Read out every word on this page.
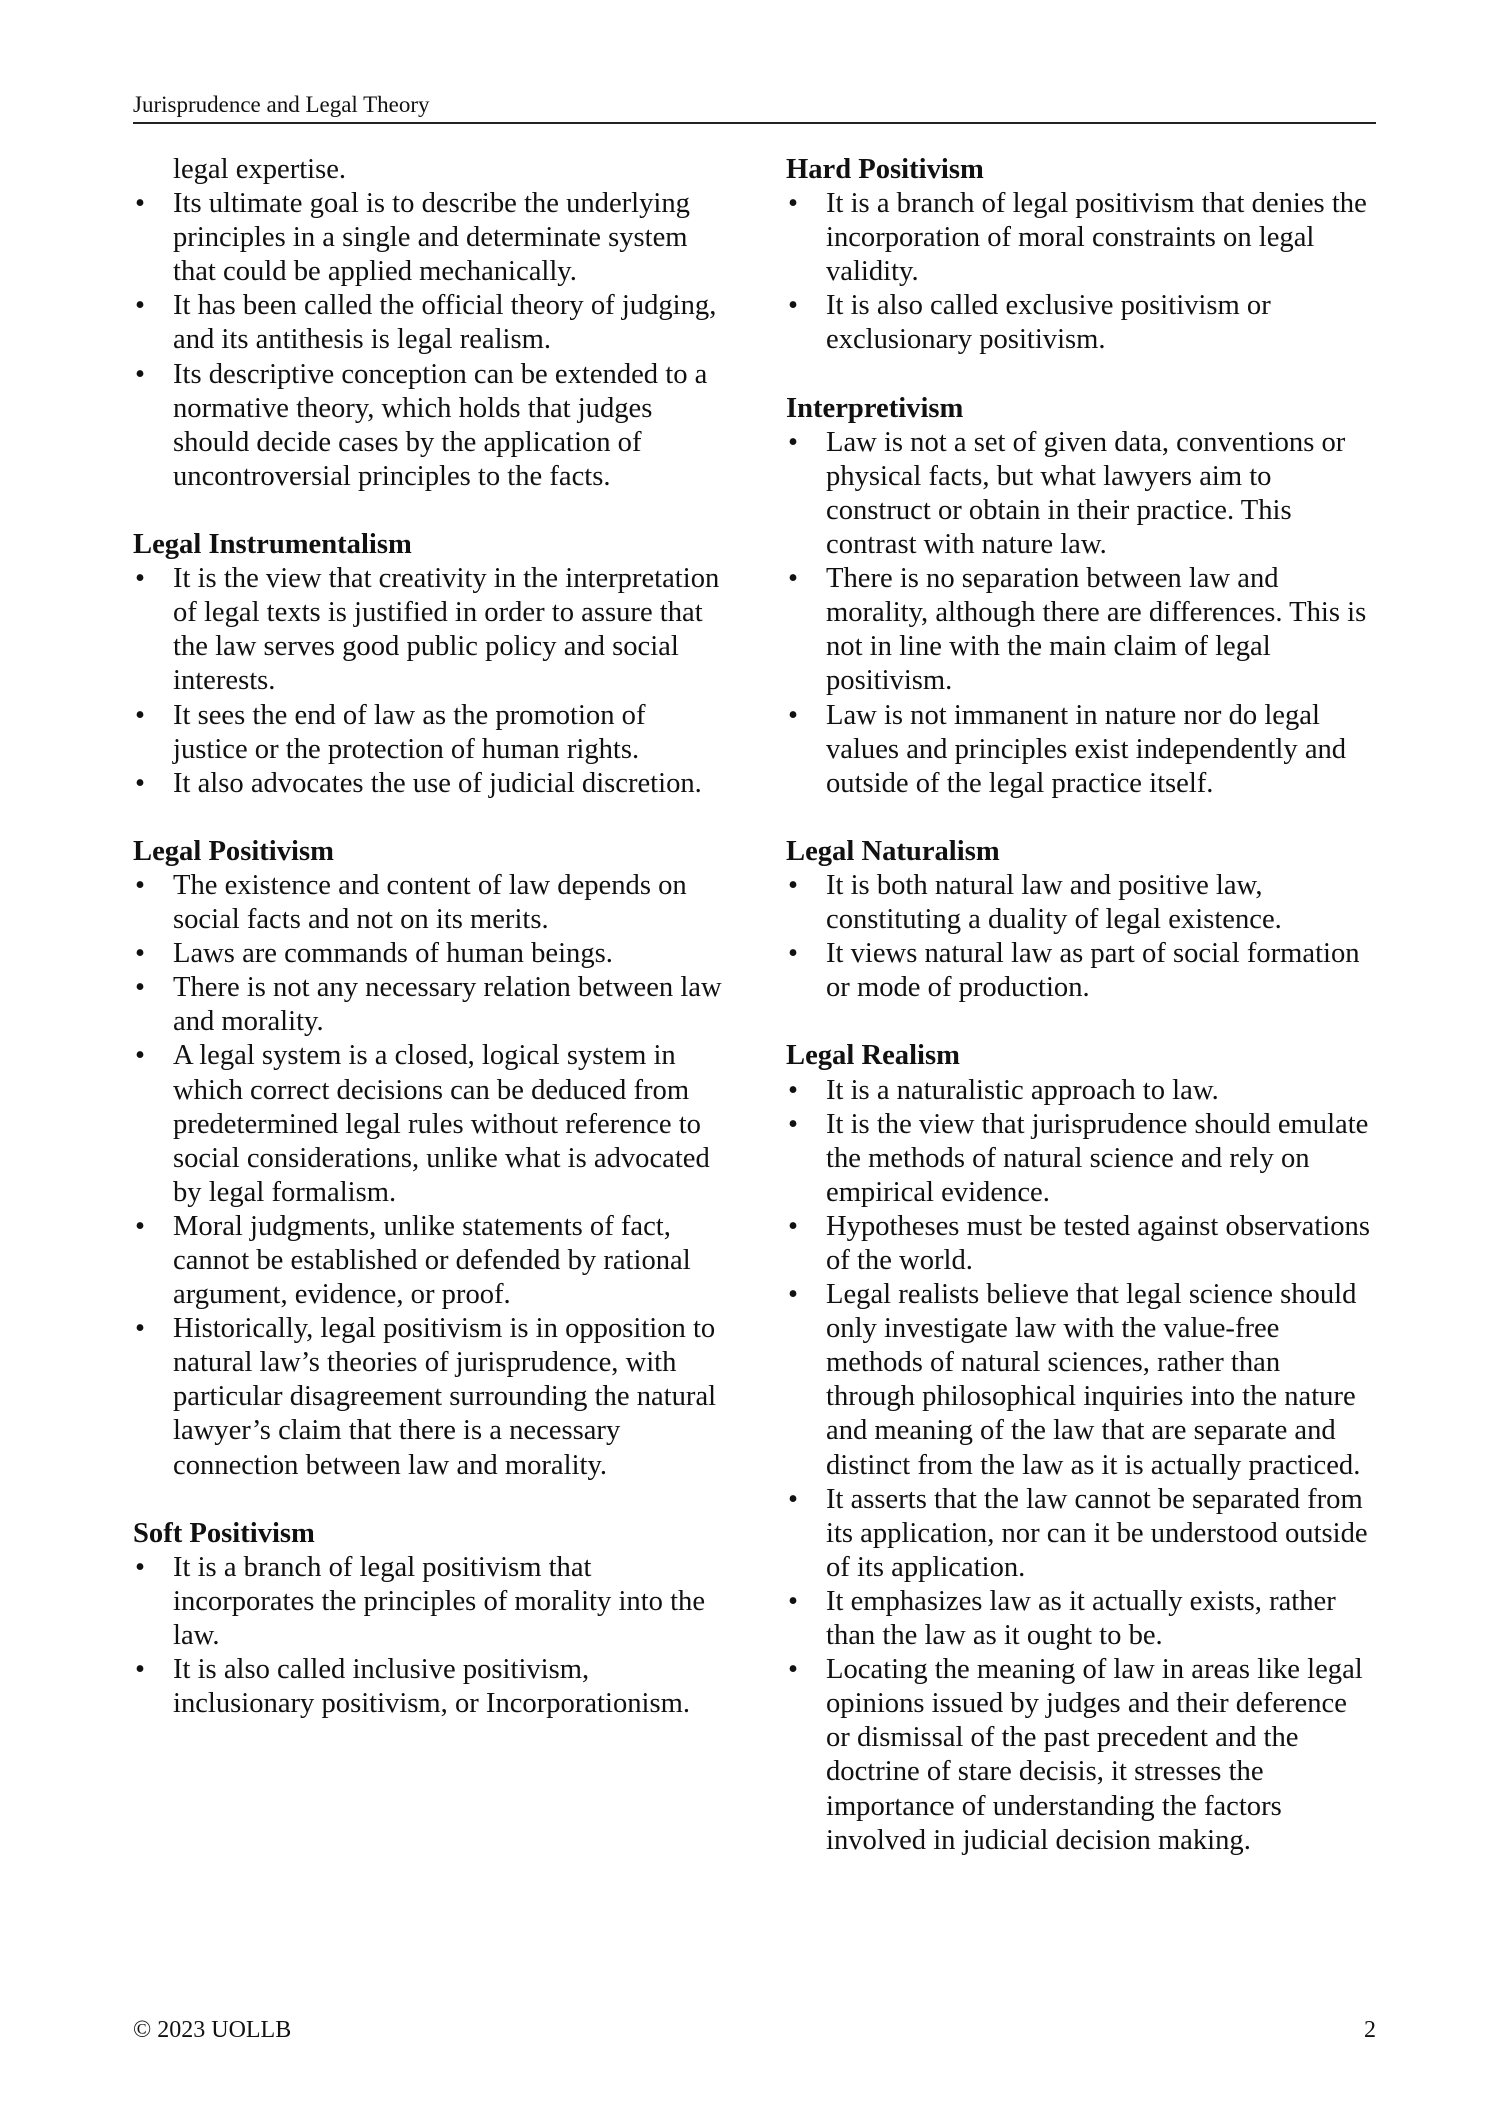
Jurisprudence and Legal Theory

legal expertise.

• Its ultimate goal is to describe the underlying principles in a single and determinate system that could be applied mechanically.
• It has been called the official theory of judging, and its antithesis is legal realism.
• Its descriptive conception can be extended to a normative theory, which holds that judges should decide cases by the application of uncontroversial principles to the facts.
Legal Instrumentalism
• It is the view that creativity in the interpretation of legal texts is justified in order to assure that the law serves good public policy and social interests.
• It sees the end of law as the promotion of justice or the protection of human rights.
• It also advocates the use of judicial discretion.
Legal Positivism
• The existence and content of law depends on social facts and not on its merits.
• Laws are commands of human beings.
• There is not any necessary relation between law and morality.
• A legal system is a closed, logical system in which correct decisions can be deduced from predetermined legal rules without reference to social considerations, unlike what is advocated by legal formalism.
• Moral judgments, unlike statements of fact, cannot be established or defended by rational argument, evidence, or proof.
• Historically, legal positivism is in opposition to natural law’s theories of jurisprudence, with particular disagreement surrounding the natural lawyer’s claim that there is a necessary connection between law and morality.
Soft Positivism
• It is a branch of legal positivism that incorporates the principles of morality into the law.
• It is also called inclusive positivism, inclusionary positivism, or Incorporationism.
Hard Positivism
• It is a branch of legal positivism that denies the incorporation of moral constraints on legal validity.
• It is also called exclusive positivism or exclusionary positivism.
Interpretivism
• Law is not a set of given data, conventions or physical facts, but what lawyers aim to construct or obtain in their practice. This contrast with nature law.
• There is no separation between law and morality, although there are differences. This is not in line with the main claim of legal positivism.
• Law is not immanent in nature nor do legal values and principles exist independently and outside of the legal practice itself.
Legal Naturalism
• It is both natural law and positive law, constituting a duality of legal existence.
• It views natural law as part of social formation or mode of production.
Legal Realism
• It is a naturalistic approach to law.
• It is the view that jurisprudence should emulate the methods of natural science and rely on empirical evidence.
• Hypotheses must be tested against observations of the world.
• Legal realists believe that legal science should only investigate law with the value-free methods of natural sciences, rather than through philosophical inquiries into the nature and meaning of the law that are separate and distinct from the law as it is actually practiced.
• It asserts that the law cannot be separated from its application, nor can it be understood outside of its application.
• It emphasizes law as it actually exists, rather than the law as it ought to be.
• Locating the meaning of law in areas like legal opinions issued by judges and their deference or dismissal of the past precedent and the doctrine of stare decisis, it stresses the importance of understanding the factors involved in judicial decision making.
© 2023 UOLLB	2
